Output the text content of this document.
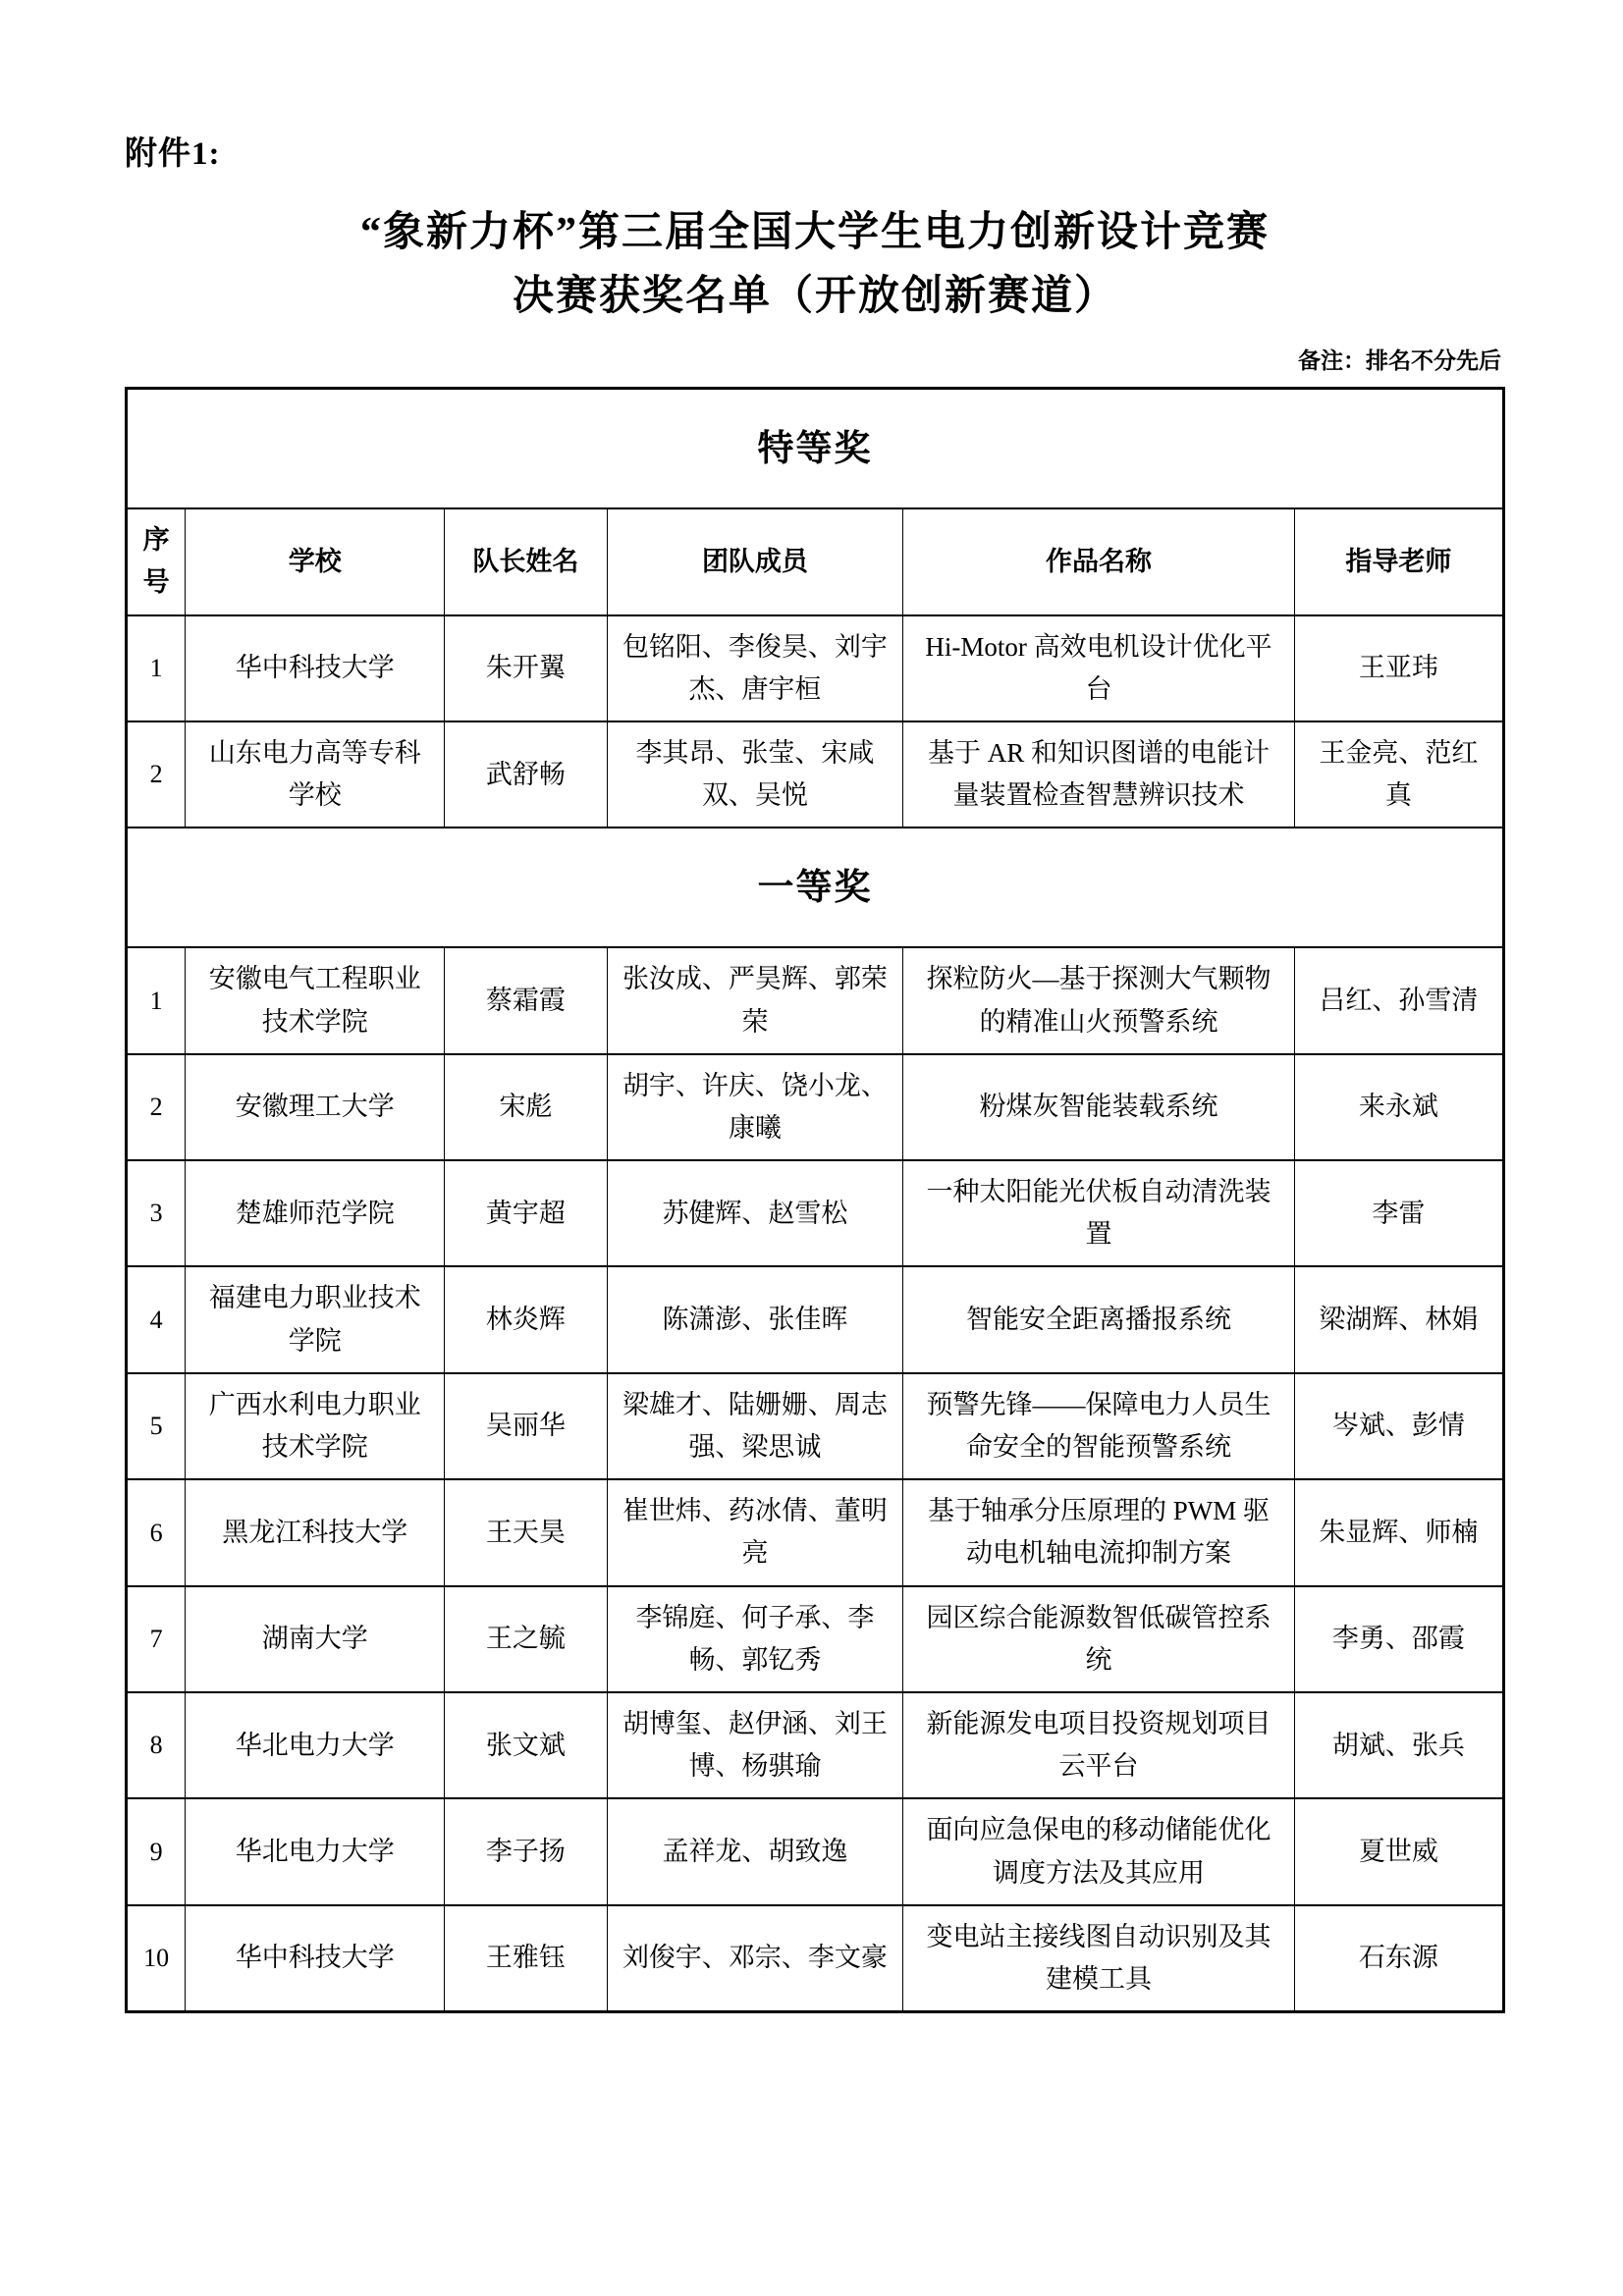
附件1:
“象新力杯”第三届全国大学生电力创新设计竞赛
决赛获奖名单（开放创新赛道）
备注：排名不分先后
特等奖					
序号	学校	队长姓名	团队成员	作品名称	指导老师
1	华中科技大学	朱开翼	包铭阳、李俊昊、刘宇杰、唐宇桓	Hi-Motor 高效电机设计优化平台	王亚玮
2	山东电力高等专科学校	武舒畅	李其昂、张莹、宋咸双、吴悦	基于 AR 和知识图谱的电能计量装置检查智慧辨识技术	王金亮、范红真
一等奖					
1	安徽电气工程职业技术学院	蔡霜霞	张汝成、严昊辉、郭荣荣	探粒防火—基于探测大气颗物的精准山火预警系统	吕红、孙雪清
2	安徽理工大学	宋彪	胡宇、许庆、饶小龙、康曦	粉煤灰智能装载系统	来永斌
3	楚雄师范学院	黄宇超	苏健辉、赵雪松	一种太阳能光伏板自动清洗装置	李雷
4	福建电力职业技术学院	林炎辉	陈潇澎、张佳晖	智能安全距离播报系统	梁湖辉、林娟
5	广西水利电力职业技术学院	吴丽华	梁雄才、陆姗姗、周志强、梁思诚	预警先锋——保障电力人员生命安全的智能预警系统	岑斌、彭情
6	黑龙江科技大学	王天昊	崔世炜、药冰倩、董明亮	基于轴承分压原理的 PWM 驱动电机轴电流抑制方案	朱显辉、师楠
7	湖南大学	王之毓	李锦庭、何子承、李畅、郭钇秀	园区综合能源数智低碳管控系统	李勇、邵霞
8	华北电力大学	张文斌	胡博玺、赵伊涵、刘王博、杨骐瑜	新能源发电项目投资规划项目云平台	胡斌、张兵
9	华北电力大学	李子扬	孟祥龙、胡致逸	面向应急保电的移动储能优化调度方法及其应用	夏世威
10	华中科技大学	王雅钰	刘俊宇、邓宗、李文豪	变电站主接线图自动识别及其建模工具	石东源
